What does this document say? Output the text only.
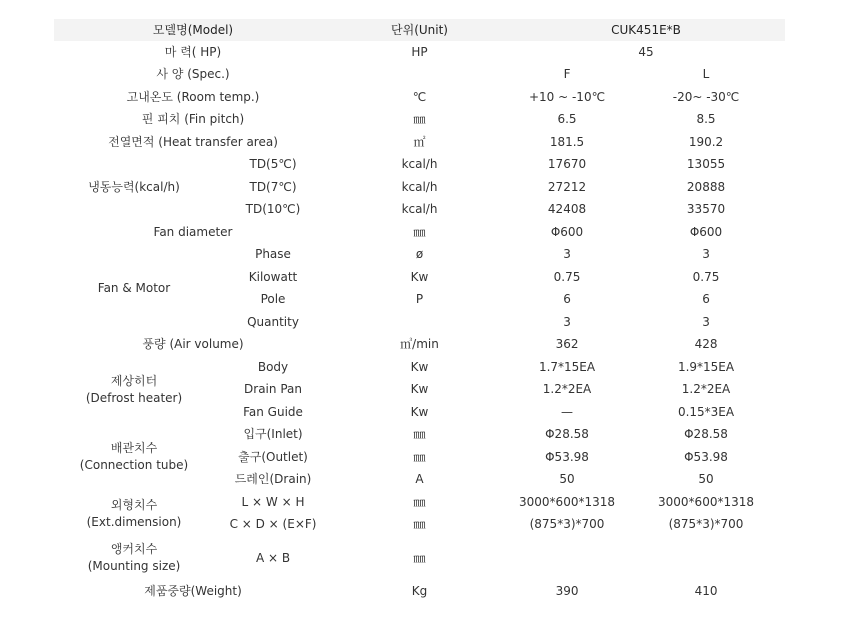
모델명(Model)		단위(Unit)	CUK451E*B	
마 력( HP)		HP	45	
사 양 (Spec.)			F	L
고내온도 (Room temp.)		℃	+10 ~ -10℃	-20~ -30℃
핀 피치 (Fin pitch)		㎜	6.5	8.5
전열면적 (Heat transfer area)		㎡	181.5	190.2
냉동능력(kcal/h)	TD(5℃)	kcal/h	17670	13055
	TD(7℃)	kcal/h	27212	20888
	TD(10℃)	kcal/h	42408	33570
Fan diameter		㎜	Φ600	Φ600
Fan & Motor	Phase	ø	3	3
	Kilowatt	Kw	0.75	0.75
	Pole	P	6	6
	Quantity		3	3
풍량 (Air volume)		㎥/min	362	428

제상히터
(Defrost heater)	Body	Kw	1.7*15EA	1.9*15EA
	Drain Pan	Kw	1.2*2EA	1.2*2EA
	Fan Guide	Kw	—	0.15*3EA

배관치수
(Connection tube)	입구(Inlet)	㎜	Φ28.58	Φ28.58
	출구(Outlet)	㎜	Φ53.98	Φ53.98
	드레인(Drain)	A	50	50

외형치수
(Ext.dimension)	L × W × H	㎜	3000*600*1318	3000*600*1318
	C × D × (E×F)	㎜	(875*3)*700	(875*3)*700

앵커치수
(Mounting size)	A × B	㎜		
제품중량(Weight)		Kg	390	410
